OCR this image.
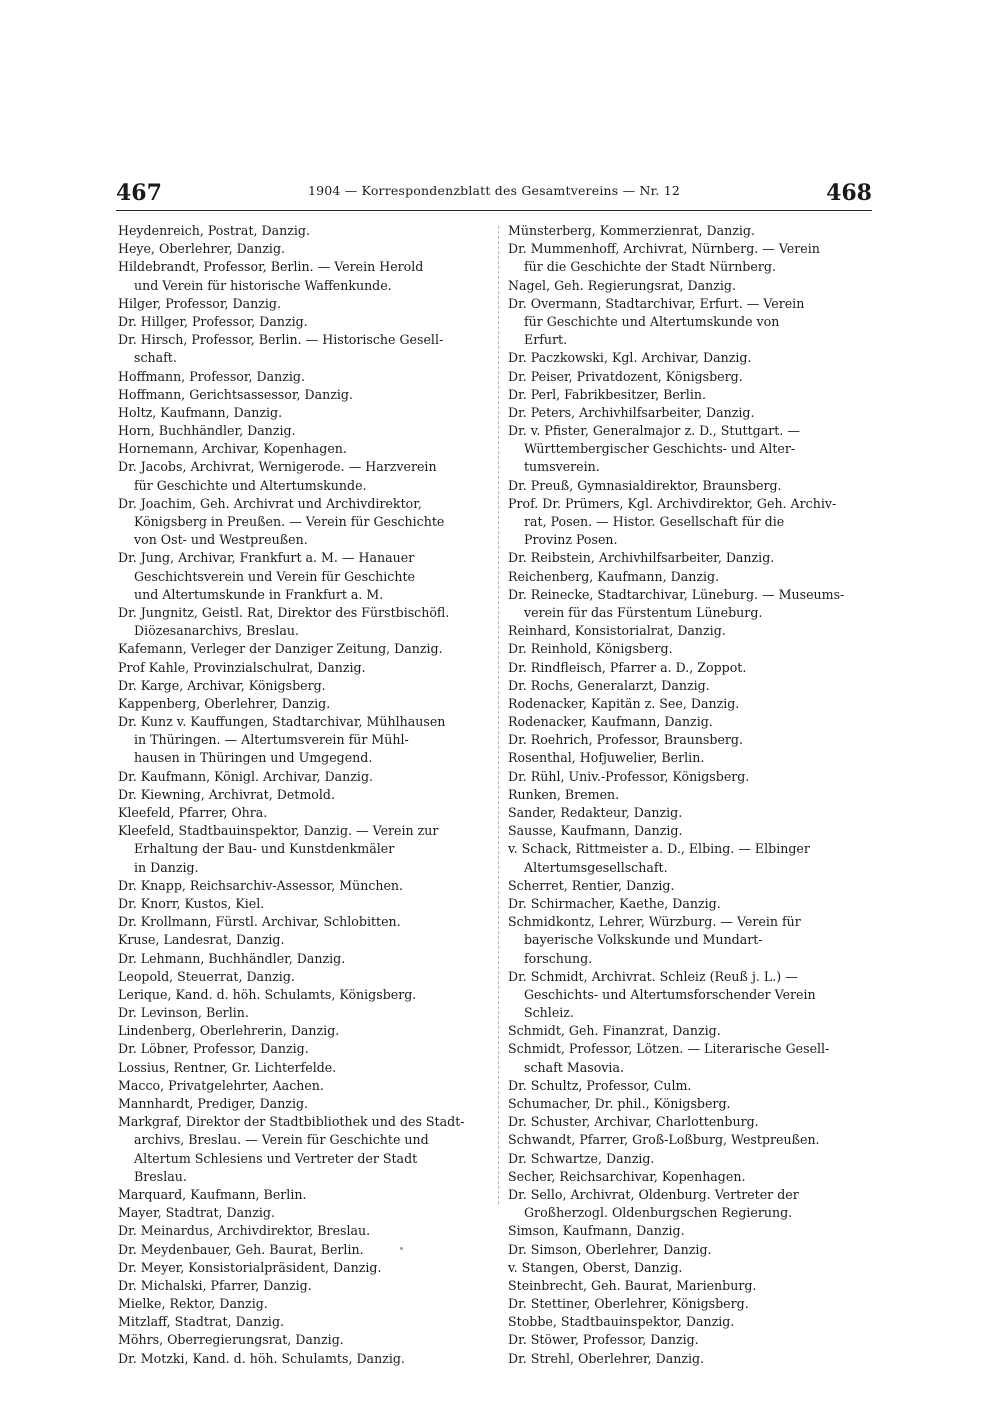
467	1904 — Korrespondenzblatt des Gesamtvereins — Nr. 12	468
Heydenreich, Postrat, Danzig.
Heye, Oberlehrer, Danzig.
Hildebrandt, Professor, Berlin. — Verein Herold
und Verein für historische Waffenkunde.
Hilger, Professor, Danzig.
Dr. Hillger, Professor, Danzig.
Dr. Hirsch, Professor, Berlin. — Historische Gesell-
schaft.
Hoffmann, Professor, Danzig.
Hoffmann, Gerichtsassessor, Danzig.
Holtz, Kaufmann, Danzig.
Horn, Buchhändler, Danzig.
Hornemann, Archivar, Kopenhagen.
Dr. Jacobs, Archivrat, Wernigerode. — Harzverein
für Geschichte und Altertumskunde.
Dr. Joachim, Geh. Archivrat und Archivdirektor,
Königsberg in Preußen. — Verein für Geschichte
von Ost- und Westpreußen.
Dr. Jung, Archivar, Frankfurt a. M. — Hanauer
Geschichtsverein und Verein für Geschichte
und Altertumskunde in Frankfurt a. M.
Dr. Jungnitz, Geistl. Rat, Direktor des Fürstbischöfl.
Diözesanarchivs, Breslau.
Kafemann, Verleger der Danziger Zeitung, Danzig.
Prof Kahle, Provinzialschulrat, Danzig.
Dr. Karge, Archivar, Königsberg.
Kappenberg, Oberlehrer, Danzig.
Dr. Kunz v. Kauffungen, Stadtarchivar, Mühlhausen
in Thüringen. — Altertumsverein für Mühl-
hausen in Thüringen und Umgegend.
Dr. Kaufmann, Königl. Archivar, Danzig.
Dr. Kiewning, Archivrat, Detmold.
Kleefeld, Pfarrer, Ohra.
Kleefeld, Stadtbauinspektor, Danzig. — Verein zur
Erhaltung der Bau- und Kunstdenkmäler
in Danzig.
Dr. Knapp, Reichsarchiv-Assessor, München.
Dr. Knorr, Kustos, Kiel.
Dr. Krollmann, Fürstl. Archivar, Schlobitten.
Kruse, Landesrat, Danzig.
Dr. Lehmann, Buchhändler, Danzig.
Leopold, Steuerrat, Danzig.
Lerique, Kand. d. höh. Schulamts, Königsberg.
Dr. Levinson, Berlin.
Lindenberg, Oberlehrerin, Danzig.
Dr. Löbner, Professor, Danzig.
Lossius, Rentner, Gr. Lichterfelde.
Macco, Privatgelehrter, Aachen.
Mannhardt, Prediger, Danzig.
Markgraf, Direktor der Stadtbibliothek und des Stadt-
archivs, Breslau. — Verein für Geschichte und
Altertum Schlesiens und Vertreter der Stadt
Breslau.
Marquard, Kaufmann, Berlin.
Mayer, Stadtrat, Danzig.
Dr. Meinardus, Archivdirektor, Breslau.
Dr. Meydenbauer, Geh. Baurat, Berlin.
Dr. Meyer, Konsistorialpräsident, Danzig.
Dr. Michalski, Pfarrer, Danzig.
Mielke, Rektor, Danzig.
Mitzlaff, Stadtrat, Danzig.
Möhrs, Oberregierungsrat, Danzig.
Dr. Motzki, Kand. d. höh. Schulamts, Danzig.
Münsterberg, Kommerzienrat, Danzig.
Dr. Mummenhoff, Archivrat, Nürnberg. — Verein
für die Geschichte der Stadt Nürnberg.
Nagel, Geh. Regierungsrat, Danzig.
Dr. Overmann, Stadtarchivar, Erfurt. — Verein
für Geschichte und Altertumskunde von
Erfurt.
Dr. Paczkowski, Kgl. Archivar, Danzig.
Dr. Peiser, Privatdozent, Königsberg.
Dr. Perl, Fabrikbesitzer, Berlin.
Dr. Peters, Archivhilfsarbeiter, Danzig.
Dr. v. Pfister, Generalmajor z. D., Stuttgart. —
Württembergischer Geschichts- und Alter-
tumsverein.
Dr. Preuß, Gymnasialdirektor, Braunsberg.
Prof. Dr. Prümers, Kgl. Archivdirektor, Geh. Archiv-
rat, Posen. — Histor. Gesellschaft für die
Provinz Posen.
Dr. Reibstein, Archivhilfsarbeiter, Danzig.
Reichenberg, Kaufmann, Danzig.
Dr. Reinecke, Stadtarchivar, Lüneburg. — Museums-
verein für das Fürstentum Lüneburg.
Reinhard, Konsistorialrat, Danzig.
Dr. Reinhold, Königsberg.
Dr. Rindfleisch, Pfarrer a. D., Zoppot.
Dr. Rochs, Generalarzt, Danzig.
Rodenacker, Kapitän z. See, Danzig.
Rodenacker, Kaufmann, Danzig.
Dr. Roehrich, Professor, Braunsberg.
Rosenthal, Hofjuwelier, Berlin.
Dr. Rühl, Univ.-Professor, Königsberg.
Runken, Bremen.
Sander, Redakteur, Danzig.
Sausse, Kaufmann, Danzig.
v. Schack, Rittmeister a. D., Elbing. — Elbinger
Altertumsgesellschaft.
Scherret, Rentier, Danzig.
Dr. Schirmacher, Kaethe, Danzig.
Schmidkontz, Lehrer, Würzburg. — Verein für
bayerische Volkskunde und Mundart-
forschung.
Dr. Schmidt, Archivrat. Schleiz (Reuß j. L.) —
Geschichts- und Altertumsforschender Verein
Schleiz.
Schmidt, Geh. Finanzrat, Danzig.
Schmidt, Professor, Lötzen. — Literarische Gesell-
schaft Masovia.
Dr. Schultz, Professor, Culm.
Schumacher, Dr. phil., Königsberg.
Dr. Schuster, Archivar, Charlottenburg.
Schwandt, Pfarrer, Groß-Loßburg, Westpreußen.
Dr. Schwartze, Danzig.
Secher, Reichsarchivar, Kopenhagen.
Dr. Sello, Archivrat, Oldenburg. Vertreter der
Großherzogl. Oldenburgschen Regierung.
Simson, Kaufmann, Danzig.
Dr. Simson, Oberlehrer, Danzig.
v. Stangen, Oberst, Danzig.
Steinbrecht, Geh. Baurat, Marienburg.
Dr. Stettiner, Oberlehrer, Königsberg.
Stobbe, Stadtbauinspektor, Danzig.
Dr. Stöwer, Professor, Danzig.
Dr. Strehl, Oberlehrer, Danzig.
